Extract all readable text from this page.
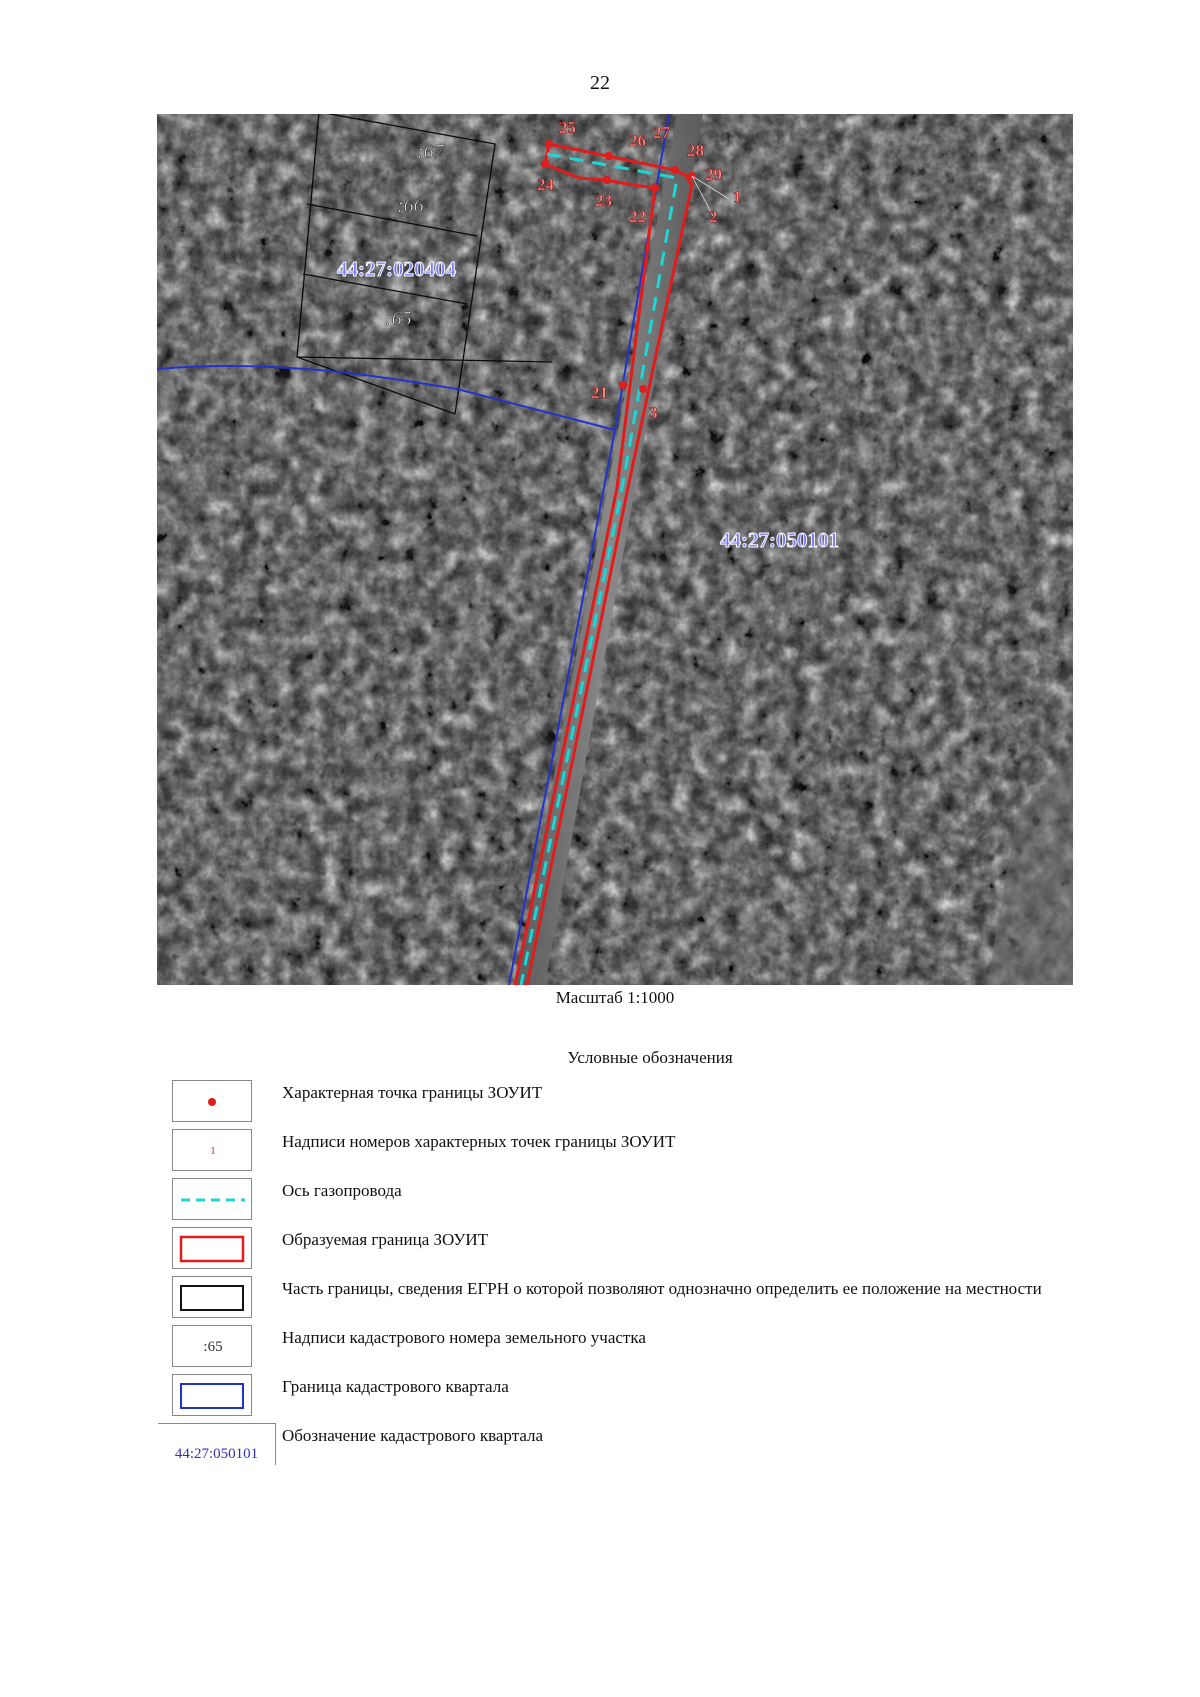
22
25
26 27
28
29
1
2
24
23
22
21
3
:67
:66
:65
44:27:020404
44:27:050101
Масштаб 1:1000
Условные обозначения
Характерная точка границы ЗОУИТ
1	Надписи номеров характерных точек границы ЗОУИТ
Ось газопровода
Образуемая граница ЗОУИТ
Часть границы, сведения ЕГРН о которой позволяют однозначно определить ее положение на местности
:65	Надписи кадастрового номера земельного участка
Граница кадастрового квартала
44:27:050101
Обозначение кадастрового квартала
